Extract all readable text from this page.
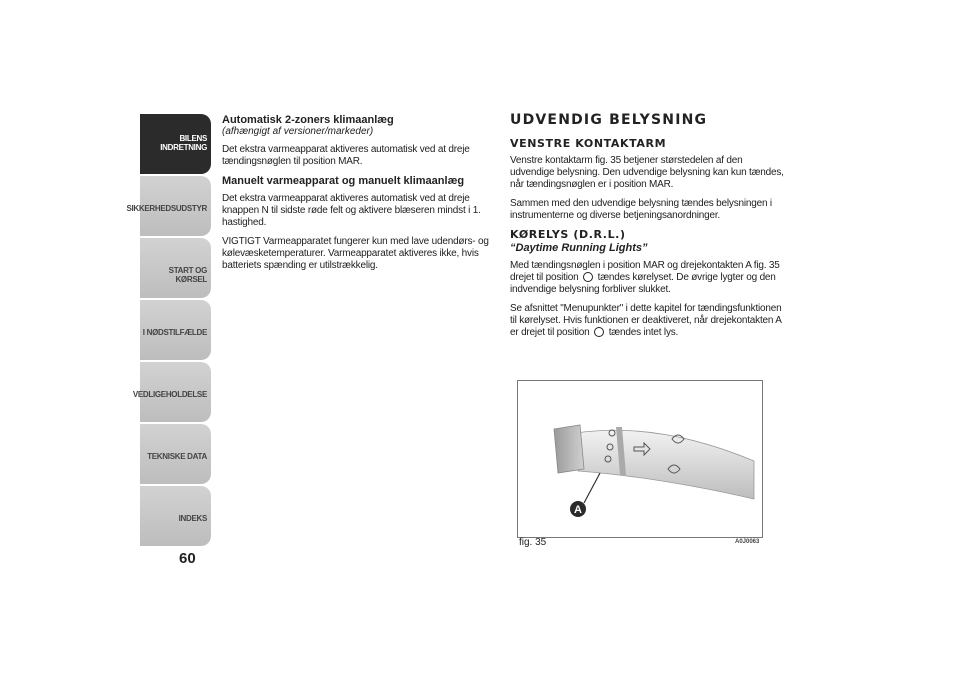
BILENS
INDRETNING
SIKKERHEDSUDSTYR
START OG KØRSEL
I NØDSTILFÆLDE
VEDLIGEHOLDELSE
TEKNISKE DATA
INDEKS
60
Automatisk 2-zoners klimaanlæg
(afhængigt af versioner/markeder)

Det ekstra varmeapparat aktiveres automatisk ved at dreje tændingsnøglen til position MAR.

Manuelt varmeapparat og manuelt klimaanlæg

Det ekstra varmeapparat aktiveres automatisk ved at dreje knappen N til sidste røde felt og aktivere blæseren mindst i 1. hastighed.

VIGTIGT Varmeapparatet fungerer kun med lave udendørs- og kølevæsketemperaturer. Varmeapparatet aktiveres ikke, hvis batteriets spænding er utilstrækkelig.

UDVENDIG BELYSNING
VENSTRE KONTAKTARM

Venstre kontaktarm fig. 35 betjener størstedelen af den udvendige belysning. Den udvendige belysning kan kun tændes, når tændingsnøglen er i position MAR.

Sammen med den udvendige belysning tændes belysningen i instrumenterne og diverse betjeningsanordninger.

KØRELYS (D.R.L.)
“Daytime Running Lights”

Med tændingsnøglen i position MAR og drejekontakten A fig. 35 drejet til position tændes kørelyset. De øvrige lygter og den indvendige belysning forbliver slukket.

Se afsnittet "Menupunkter" i dette kapitel for tændingsfunktionen til kørelyset. Hvis funktionen er deaktiveret, når drejekontakten A er drejet til position tændes intet lys.

A
fig. 35	A0J0063
